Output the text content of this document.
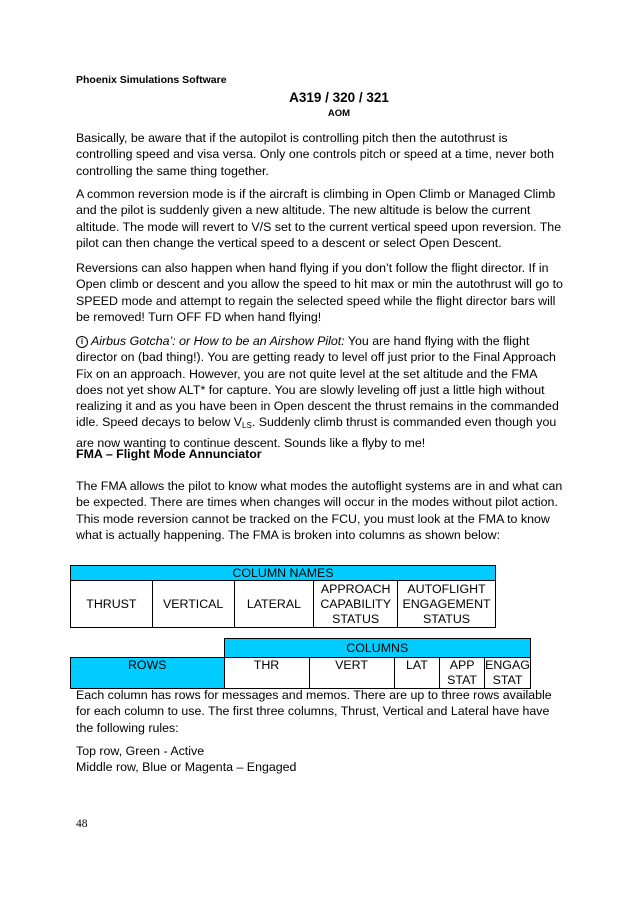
Phoenix Simulations Software
A319 / 320 / 321
AOM

Basically, be aware that if the autopilot is controlling pitch then the autothrust is controlling speed and visa versa. Only one controls pitch or speed at a time, never both controlling the same thing together.

A common reversion mode is if the aircraft is climbing in Open Climb or Managed Climb and the pilot is suddenly given a new altitude. The new altitude is below the current altitude. The mode will revert to V/S set to the current vertical speed upon reversion. The pilot can then change the vertical speed to a descent or select Open Descent.

Reversions can also happen when hand flying if you don’t follow the flight director. If in Open climb or descent and you allow the speed to hit max or min the autothrust will go to SPEED mode and attempt to regain the selected speed while the flight director bars will be removed! Turn OFF FD when hand flying!

i Airbus Gotcha’: or How to be an Airshow Pilot: You are hand flying with the flight director on (bad thing!). You are getting ready to level off just prior to the Final Approach Fix on an approach. However, you are not quite level at the set altitude and the FMA does not yet show ALT* for capture. You are slowly leveling off just a little high without realizing it and as you have been in Open descent the thrust remains in the commanded idle. Speed decays to below $V_{LS}$. Suddenly climb thrust is commanded even though you are now wanting to continue descent. Sounds like a flyby to me!

FMA – Flight Mode Annunciator

The FMA allows the pilot to know what modes the autoflight systems are in and what can be expected. There are times when changes will occur in the modes without pilot action. This mode reversion cannot be tracked on the FCU, you must look at the FMA to know what is actually happening. The FMA is broken into columns as shown below:

COLUMN NAMES
THRUST	VERTICAL	LATERAL	APPROACH CAPABILITY STATUS	AUTOFLIGHT ENGAGEMENT STATUS
	COLUMNS				
ROWS	THR	VERT	LAT	APP STAT	ENGAG STAT

Each column has rows for messages and memos. There are up to three rows available for each column to use. The first three columns, Thrust, Vertical and Lateral have have the following rules:

Top row, Green - Active
Middle row, Blue or Magenta – Engaged
48
